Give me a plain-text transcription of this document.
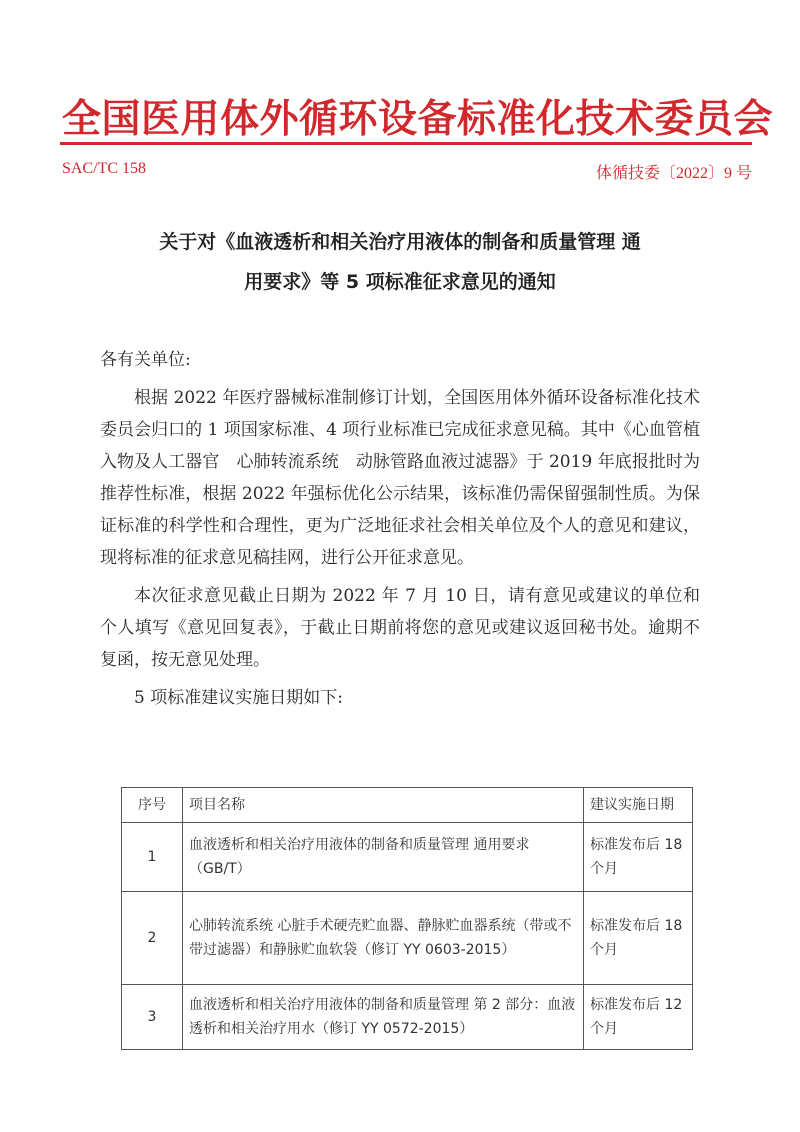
全国医用体外循环设备标准化技术委员会
SAC/TC 158	体循技委〔2022〕9 号
关于对《血液透析和相关治疗用液体的制备和质量管理 通
用要求》等 5 项标准征求意见的通知

各有关单位:

根据 2022 年医疗器械标准制修订计划，全国医用体外循环设备标准化技术委员会归口的 1 项国家标准、4 项行业标准已完成征求意见稿。其中《心血管植入物及人工器官　心肺转流系统　动脉管路血液过滤器》于 2019 年底报批时为推荐性标准，根据 2022 年强标优化公示结果，该标准仍需保留强制性质。为保证标准的科学性和合理性，更为广泛地征求社会相关单位及个人的意见和建议，现将标准的征求意见稿挂网，进行公开征求意见。

本次征求意见截止日期为 2022 年 7 月 10 日，请有意见或建议的单位和个人填写《意见回复表》，于截止日期前将您的意见或建议返回秘书处。逾期不复函，按无意见处理。

5 项标准建议实施日期如下:

序号	项目名称	建议实施日期
1	血液透析和相关治疗用液体的制备和质量管理 通用要求（GB/T）	标准发布后 18 个月
2	心肺转流系统 心脏手术硬壳贮血器、静脉贮血器系统（带或不带过滤器）和静脉贮血软袋（修订 YY 0603-2015）	标准发布后 18 个月
3	血液透析和相关治疗用液体的制备和质量管理 第 2 部分：血液透析和相关治疗用水（修订 YY 0572-2015）	标准发布后 12 个月
